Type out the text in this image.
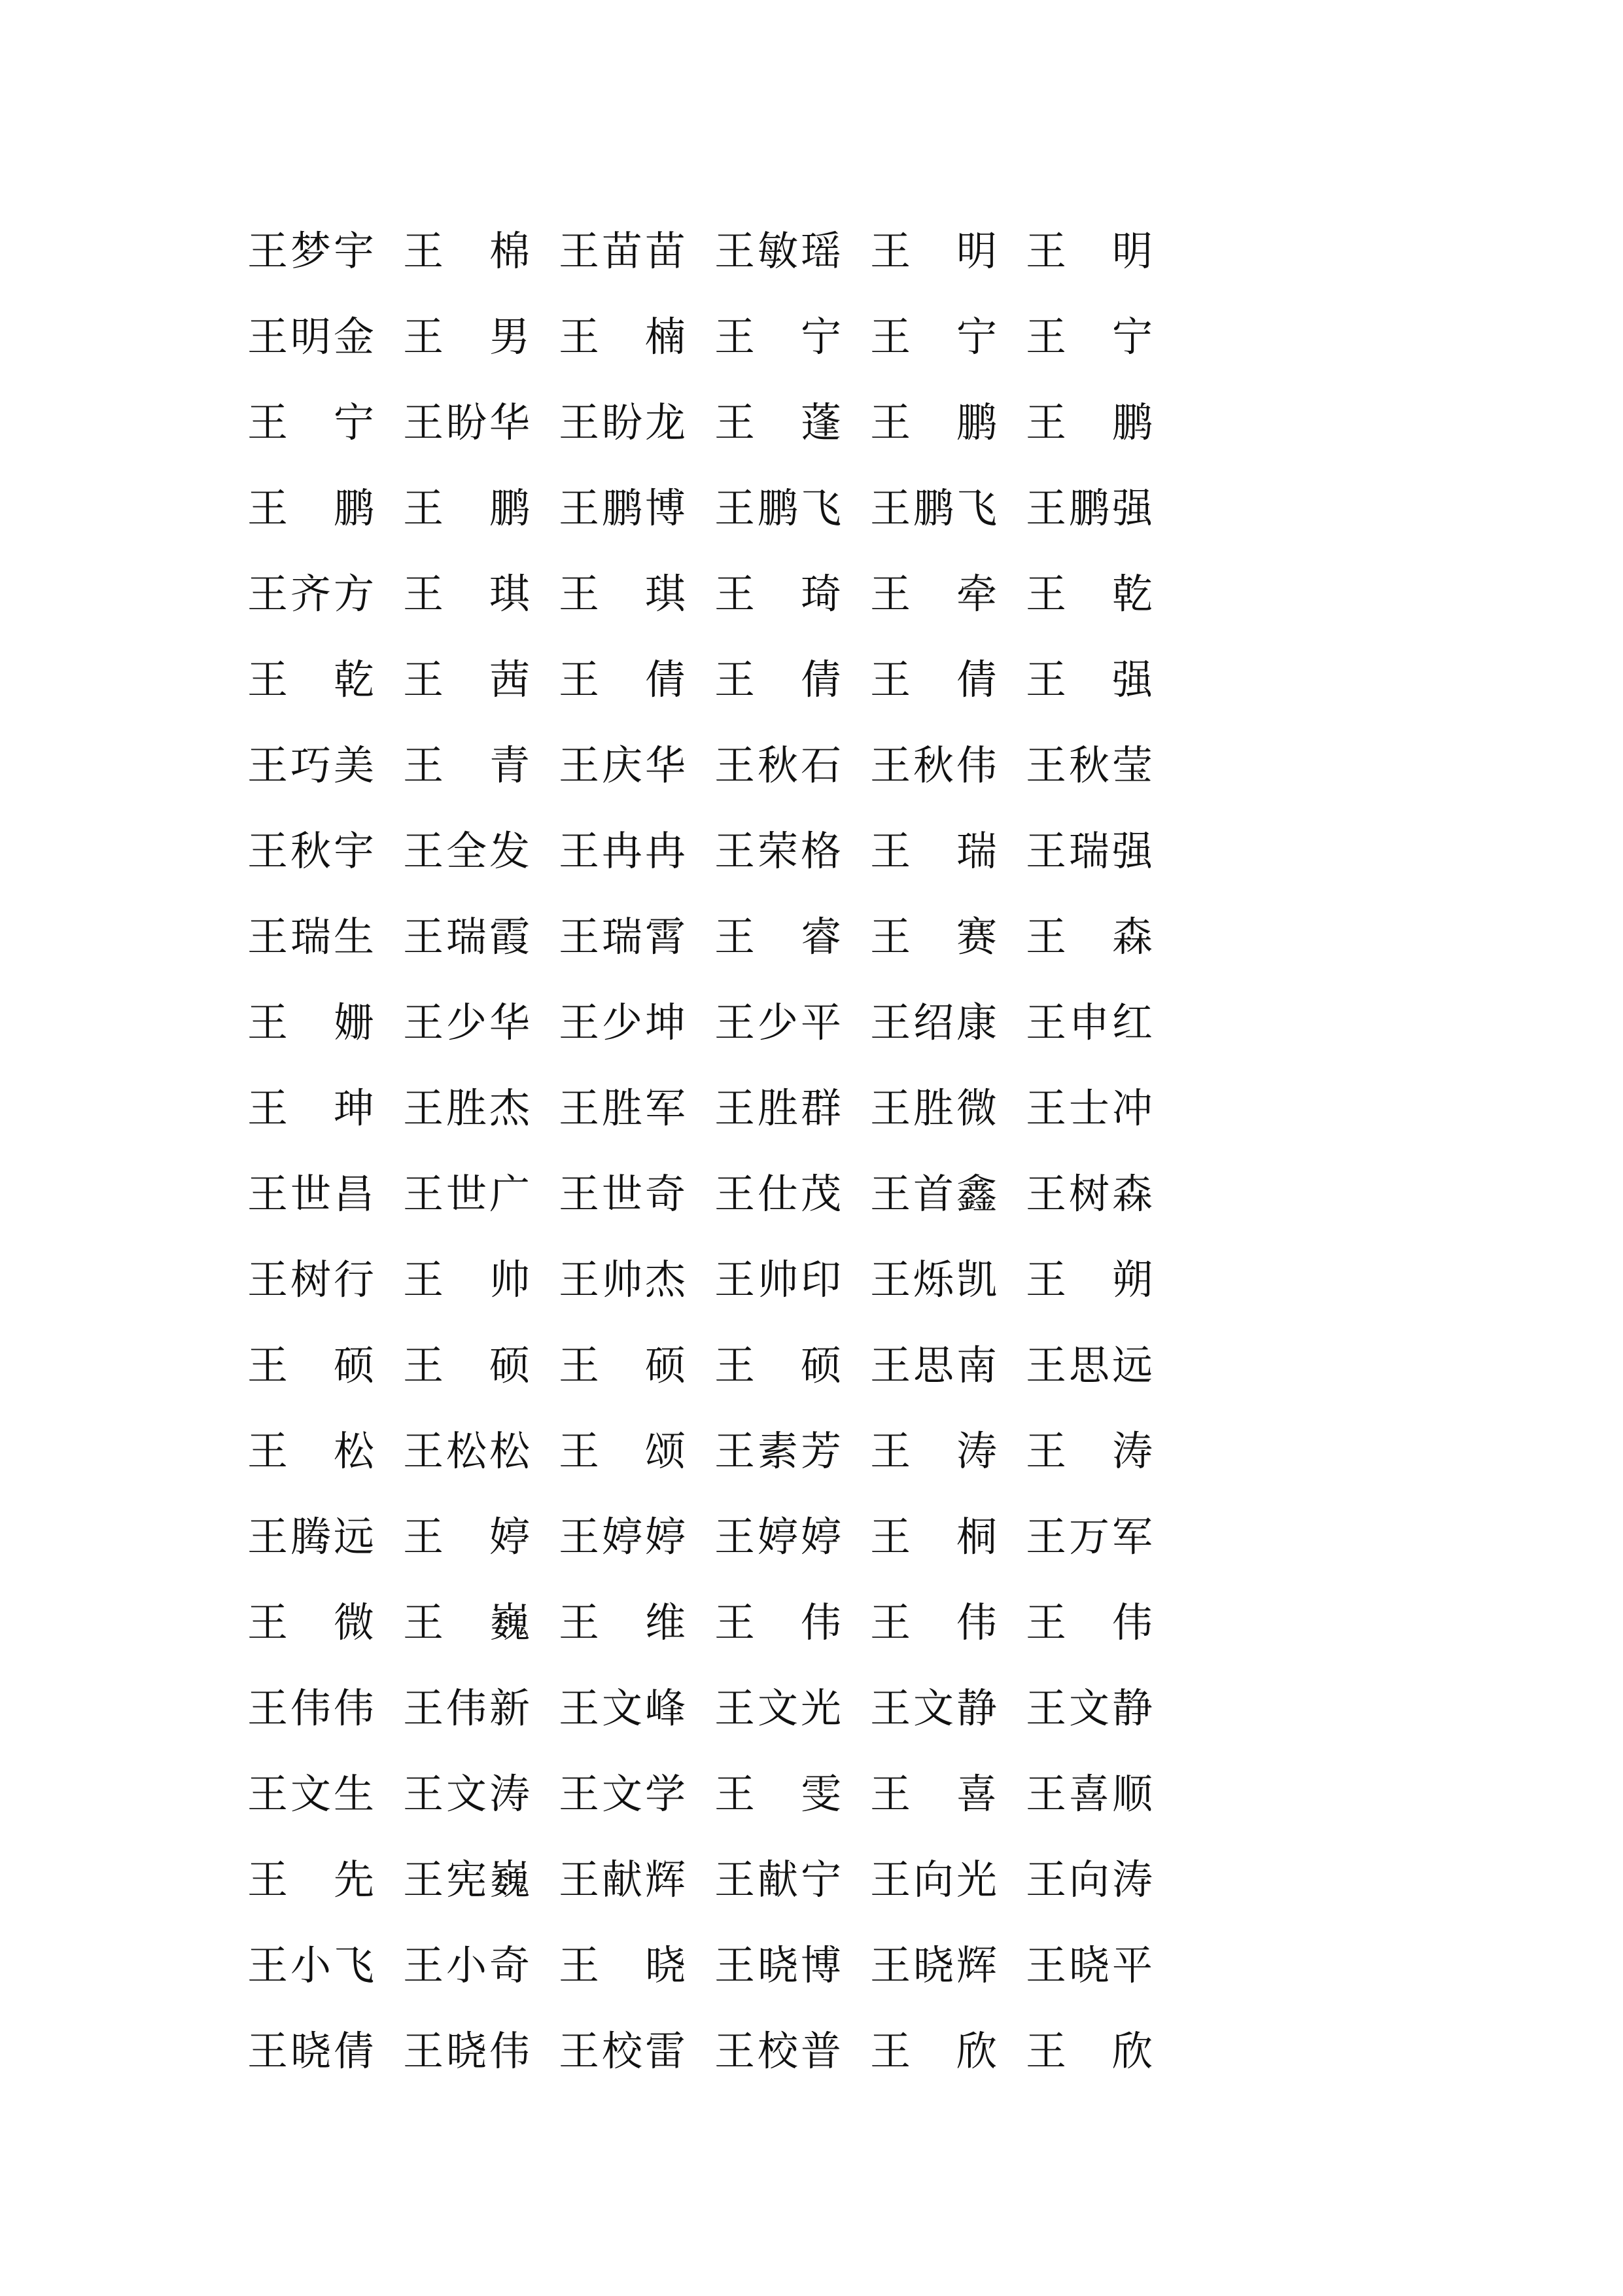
王梦宇 王　棉 王苗苗 王敏瑶 王　明 王　明
王明金 王　男 王　楠 王　宁 王　宁 王　宁
王　宁 王盼华 王盼龙 王　蓬 王　鹏 王　鹏
王　鹏 王　鹏 王鹏博 王鹏飞 王鹏飞 王鹏强
王齐方 王　琪 王　琪 王　琦 王　牵 王　乾
王　乾 王　茜 王　倩 王　倩 王　倩 王　强
王巧美 王　青 王庆华 王秋石 王秋伟 王秋莹
王秋宇 王全发 王冉冉 王荣格 王　瑞 王瑞强
王瑞生 王瑞霞 王瑞霄 王　睿 王　赛 王　森
王　姗 王少华 王少坤 王少平 王绍康 王申红
王　珅 王胜杰 王胜军 王胜群 王胜微 王士冲
王世昌 王世广 王世奇 王仕茂 王首鑫 王树森
王树行 王　帅 王帅杰 王帅印 王烁凯 王　朔
王　硕 王　硕 王　硕 王　硕 王思南 王思远
王　松 王松松 王　颂 王素芳 王　涛 王　涛
王腾远 王　婷 王婷婷 王婷婷 王　桐 王万军
王　微 王　巍 王　维 王　伟 王　伟 王　伟
王伟伟 王伟新 王文峰 王文光 王文静 王文静
王文生 王文涛 王文学 王　雯 王　喜 王喜顺
王　先 王宪巍 王献辉 王献宁 王向光 王向涛
王小飞 王小奇 王　晓 王晓博 王晓辉 王晓平
王晓倩 王晓伟 王校雷 王校普 王　欣 王　欣
